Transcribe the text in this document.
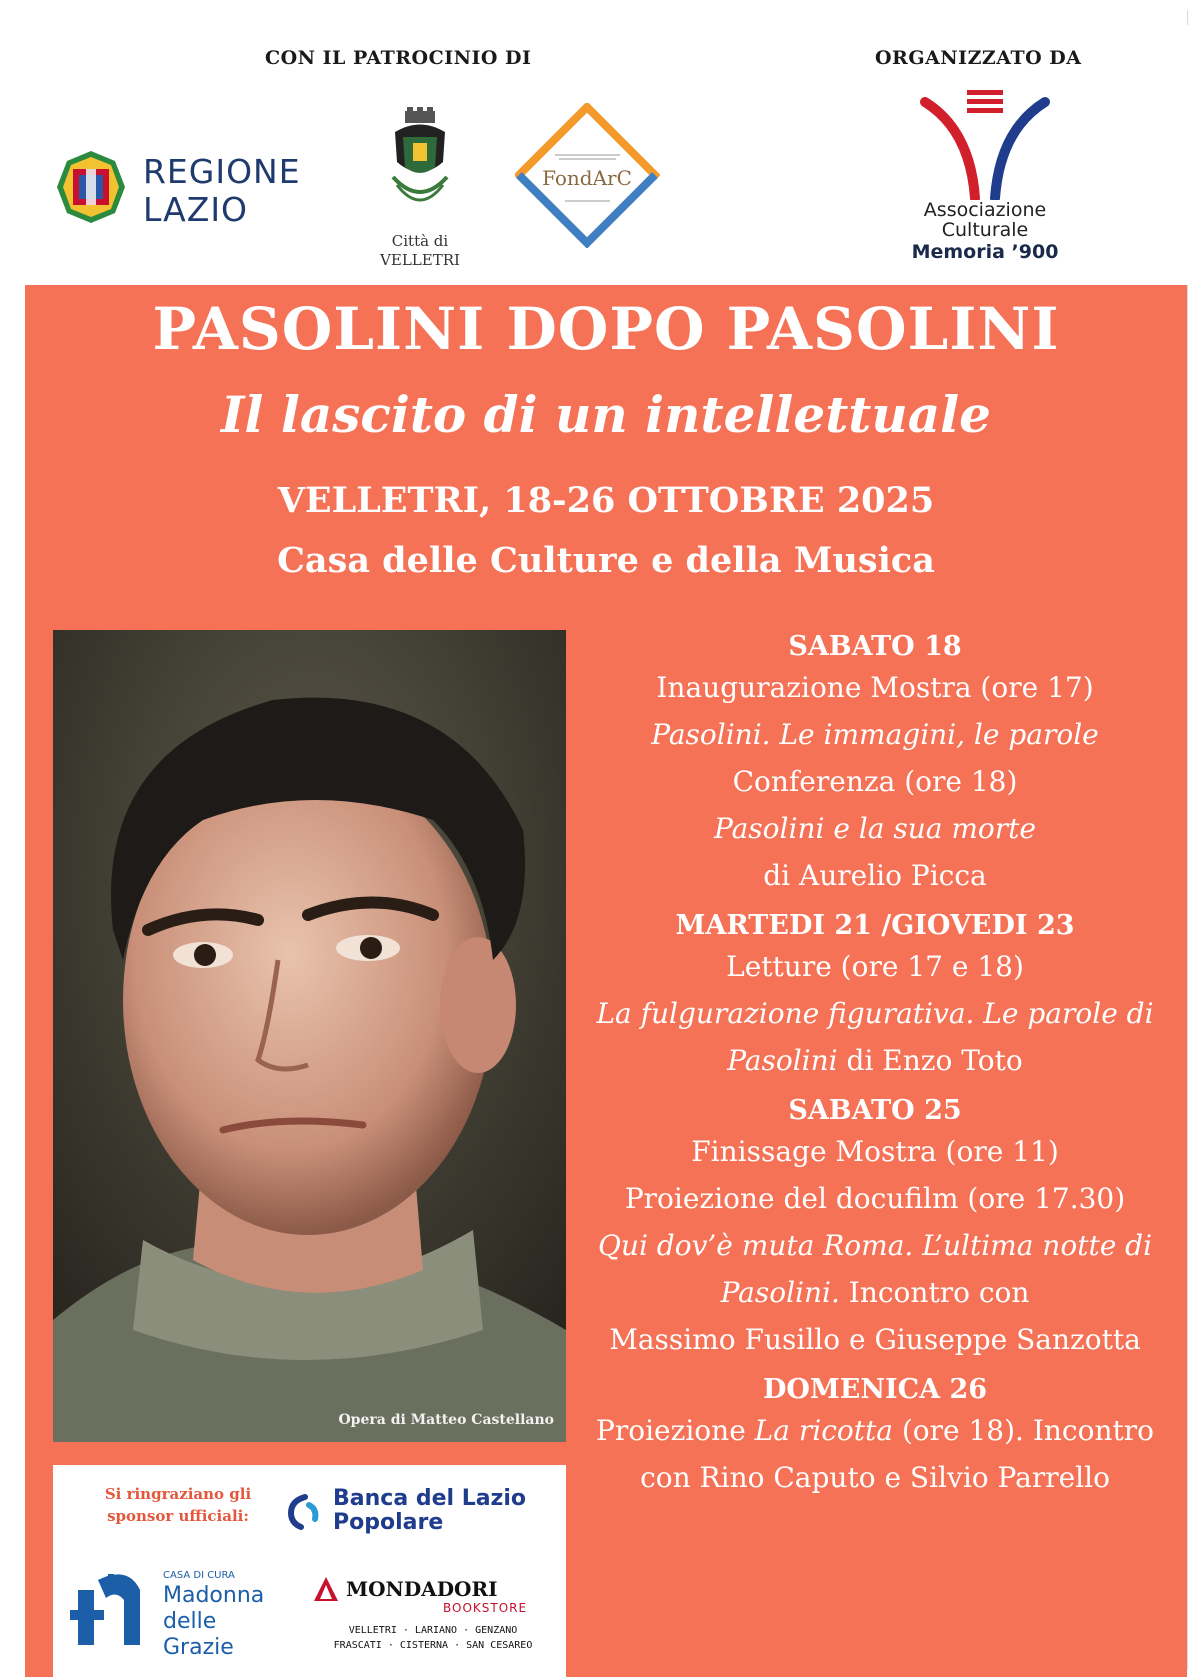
CON IL PATROCINIO DI	ORGANIZZATO DA
REGIONE
LAZIO
Città di
VELLETRI
FondArC
Associazione
Culturale
Memoria ’900
PASOLINI DOPO PASOLINI
Il lascito di un intellettuale
VELLETRI, 18-26 OTTOBRE 2025
Casa delle Culture e della Musica
Opera di Matteo Castellano

SABATO 18

Inaugurazione Mostra (ore 17)

Pasolini. Le immagini, le parole

Conferenza (ore 18)

Pasolini e la sua morte

di Aurelio Picca

MARTEDI 21 /GIOVEDI 23

Letture (ore 17 e 18)

La fulgurazione figurativa. Le parole di

Pasolini di Enzo Toto

SABATO 25

Finissage Mostra (ore 11)

Proiezione del docufilm (ore 17.30)

Qui dov’è muta Roma. L’ultima notte di

Pasolini. Incontro con

Massimo Fusillo e Giuseppe Sanzotta

DOMENICA 26

Proiezione La ricotta (ore 18). Incontro

con Rino Caputo e Silvio Parrello

Si ringraziano gli
sponsor ufficiali:
Banca del Lazio
Popolare
CASA DI CURA
Madonna
delle Grazie
MONDADORI
BOOKSTORE
VELLETRI · LARIANO · GENZANO
FRASCATI · CISTERNA · SAN CESAREO
